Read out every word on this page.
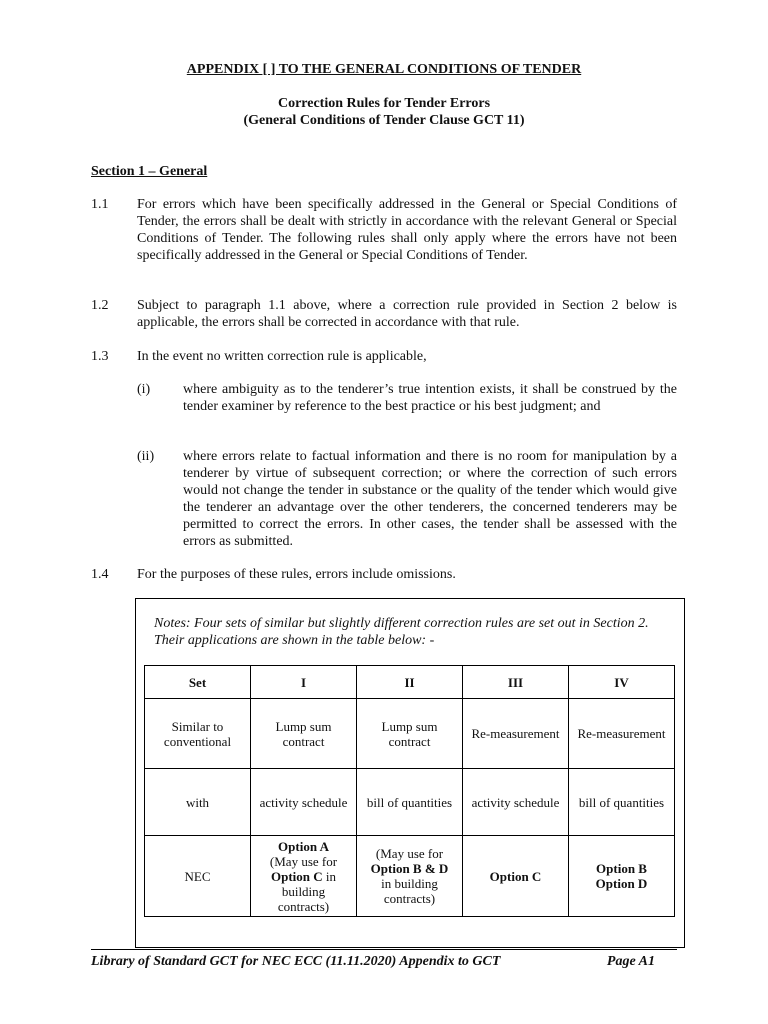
APPENDIX [ ] TO THE GENERAL CONDITIONS OF TENDER
Correction Rules for Tender Errors
(General Conditions of Tender Clause GCT 11)
Section 1 – General
1.1 For errors which have been specifically addressed in the General or Special Conditions of Tender, the errors shall be dealt with strictly in accordance with the relevant General or Special Conditions of Tender. The following rules shall only apply where the errors have not been specifically addressed in the General or Special Conditions of Tender.
1.2 Subject to paragraph 1.1 above, where a correction rule provided in Section 2 below is applicable, the errors shall be corrected in accordance with that rule.
1.3 In the event no written correction rule is applicable,
(i) where ambiguity as to the tenderer’s true intention exists, it shall be construed by the tender examiner by reference to the best practice or his best judgment; and
(ii) where errors relate to factual information and there is no room for manipulation by a tenderer by virtue of subsequent correction; or where the correction of such errors would not change the tender in substance or the quality of the tender which would give the tenderer an advantage over the other tenderers, the concerned tenderers may be permitted to correct the errors. In other cases, the tender shall be assessed with the errors as submitted.
1.4 For the purposes of these rules, errors include omissions.
Notes: Four sets of similar but slightly different correction rules are set out in Section 2. Their applications are shown in the table below: -
Set	I	II	III	IV
Similar to conventional	Lump sum contract	Lump sum contract	Re-measurement	Re-measurement
with	activity schedule	bill of quantities	activity schedule	bill of quantities
NEC	Option A
(May use for
Option C in building contracts)	(May use for
Option B & D
in building contracts)	Option C	Option B
Option D
Library of Standard GCT for NEC ECC (11.11.2020) Appendix to GCT	Page A1
